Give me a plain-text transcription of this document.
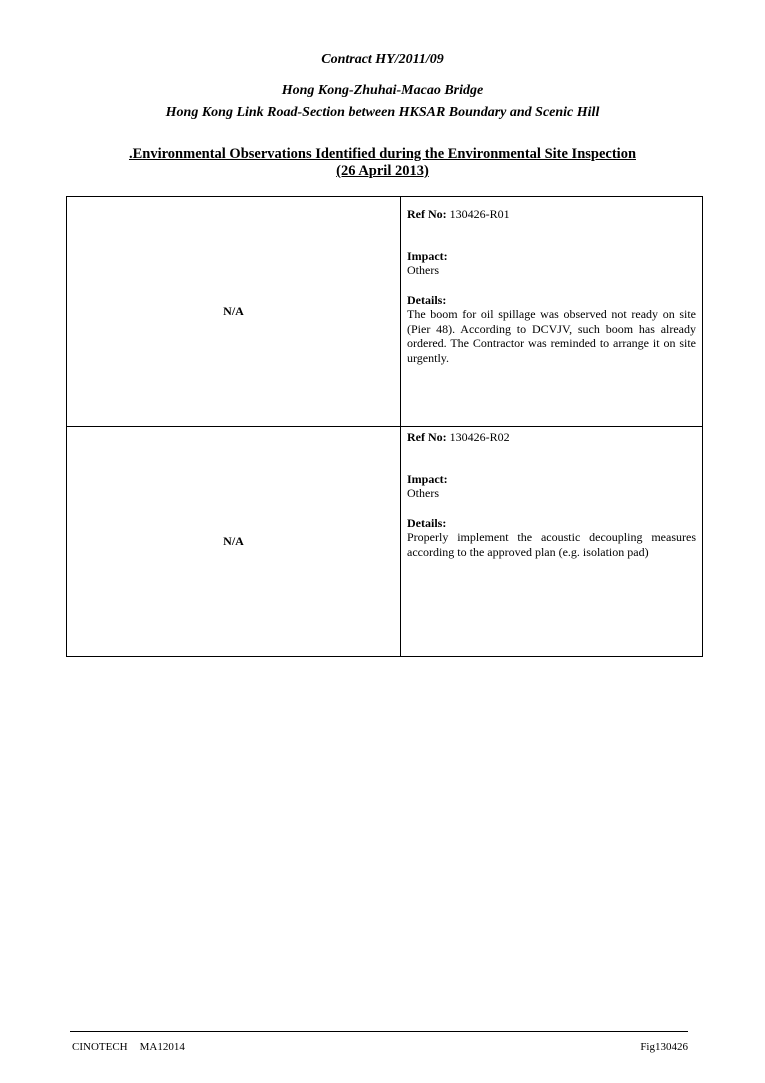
Contract HY/2011/09
Hong Kong-Zhuhai-Macao Bridge
Hong Kong Link Road-Section between HKSAR Boundary and Scenic Hill
.Environmental Observations Identified during the Environmental Site Inspection
(26 April 2013)
N/A	Ref No: 130426-R01
Impact:
Others
Details:
The boom for oil spillage was observed not ready on site (Pier 48). According to DCVJV, such boom has already ordered. The Contractor was reminded to arrange it on site urgently.

N/A	Ref No: 130426-R02
Impact:
Others
Details:
Properly implement the acoustic decoupling measures according to the approved plan (e.g. isolation pad)
CINOTECH MA12014	Fig130426
